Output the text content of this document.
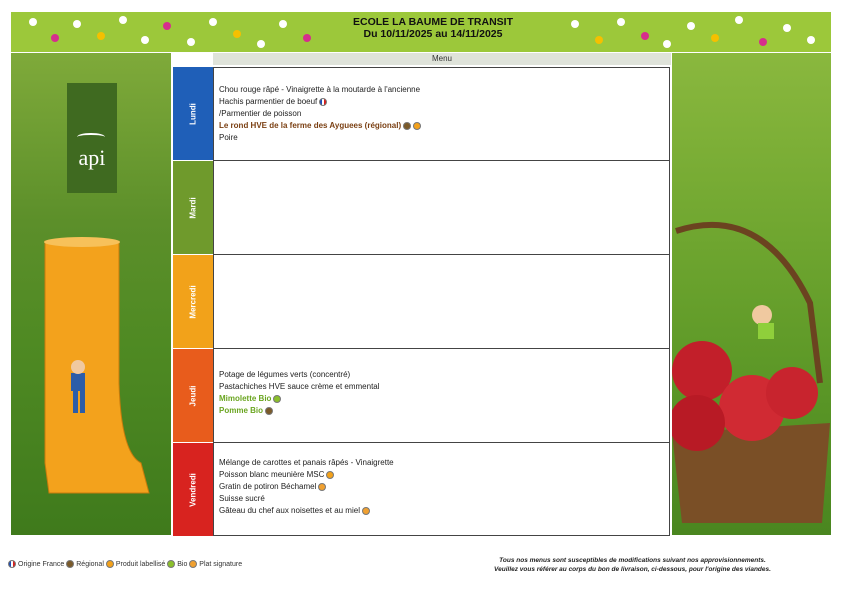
ECOLE LA BAUME DE TRANSIT
Du 10/11/2025 au 14/11/2025
api
Menu
Lundi
Mardi
Mercredi
Jeudi
Vendredi
Chou rouge râpé - Vinaigrette à la moutarde à l'ancienne
Hachis parmentier de boeuf
/Parmentier de poisson
Le rond HVE de la ferme des Ayguees (régional)
Poire
Potage de légumes verts (concentré)
Pastachiches HVE sauce crème et emmental
Mimolette Bio
Pomme Bio
Mélange de carottes et panais râpés - Vinaigrette
Poisson blanc meunière MSC
Gratin de potiron Béchamel
Suisse sucré
Gâteau du chef aux noisettes et au miel
Origine France Régional Produit labellisé Bio Plat signature
Tous nos menus sont susceptibles de modifications suivant nos approvisionnements.
Veuillez vous référer au corps du bon de livraison, ci-dessous, pour l'origine des viandes.
